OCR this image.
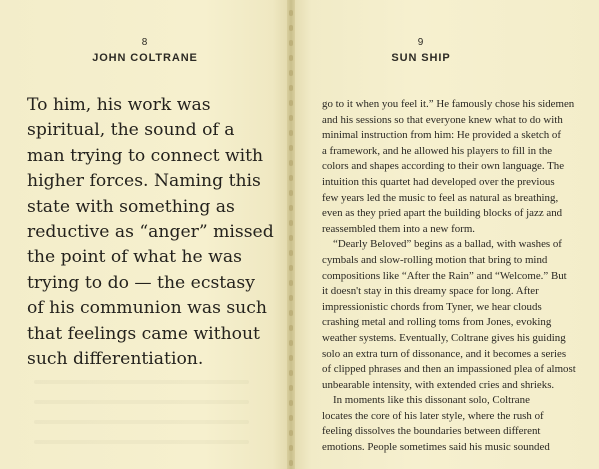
8
JOHN COLTRANE
9
SUN SHIP
To him, his work was
spiritual, the sound of a
man trying to connect with
higher forces. Naming this
state with something as
reductive as “anger” missed
the point of what he was
trying to do — the ecstasy
of his communion was such
that feelings came without
such differentiation.
go to it when you feel it.” He famously chose his sidemen
and his sessions so that everyone knew what to do with
minimal instruction from him: He provided a sketch of
a framework, and he allowed his players to fill in the
colors and shapes according to their own language. The
intuition this quartet had developed over the previous
few years led the music to feel as natural as breathing,
even as they pried apart the building blocks of jazz and
reassembled them into a new form.
“Dearly Beloved” begins as a ballad, with washes of
cymbals and slow-rolling motion that bring to mind
compositions like “After the Rain” and “Welcome.” But
it doesn't stay in this dreamy space for long. After
impressionistic chords from Tyner, we hear clouds
crashing metal and rolling toms from Jones, evoking
weather systems. Eventually, Coltrane gives his guiding
solo an extra turn of dissonance, and it becomes a series
of clipped phrases and then an impassioned plea of almost
unbearable intensity, with extended cries and shrieks.
In moments like this dissonant solo, Coltrane
locates the core of his later style, where the rush of
feeling dissolves the boundaries between different
emotions. People sometimes said his music sounded
